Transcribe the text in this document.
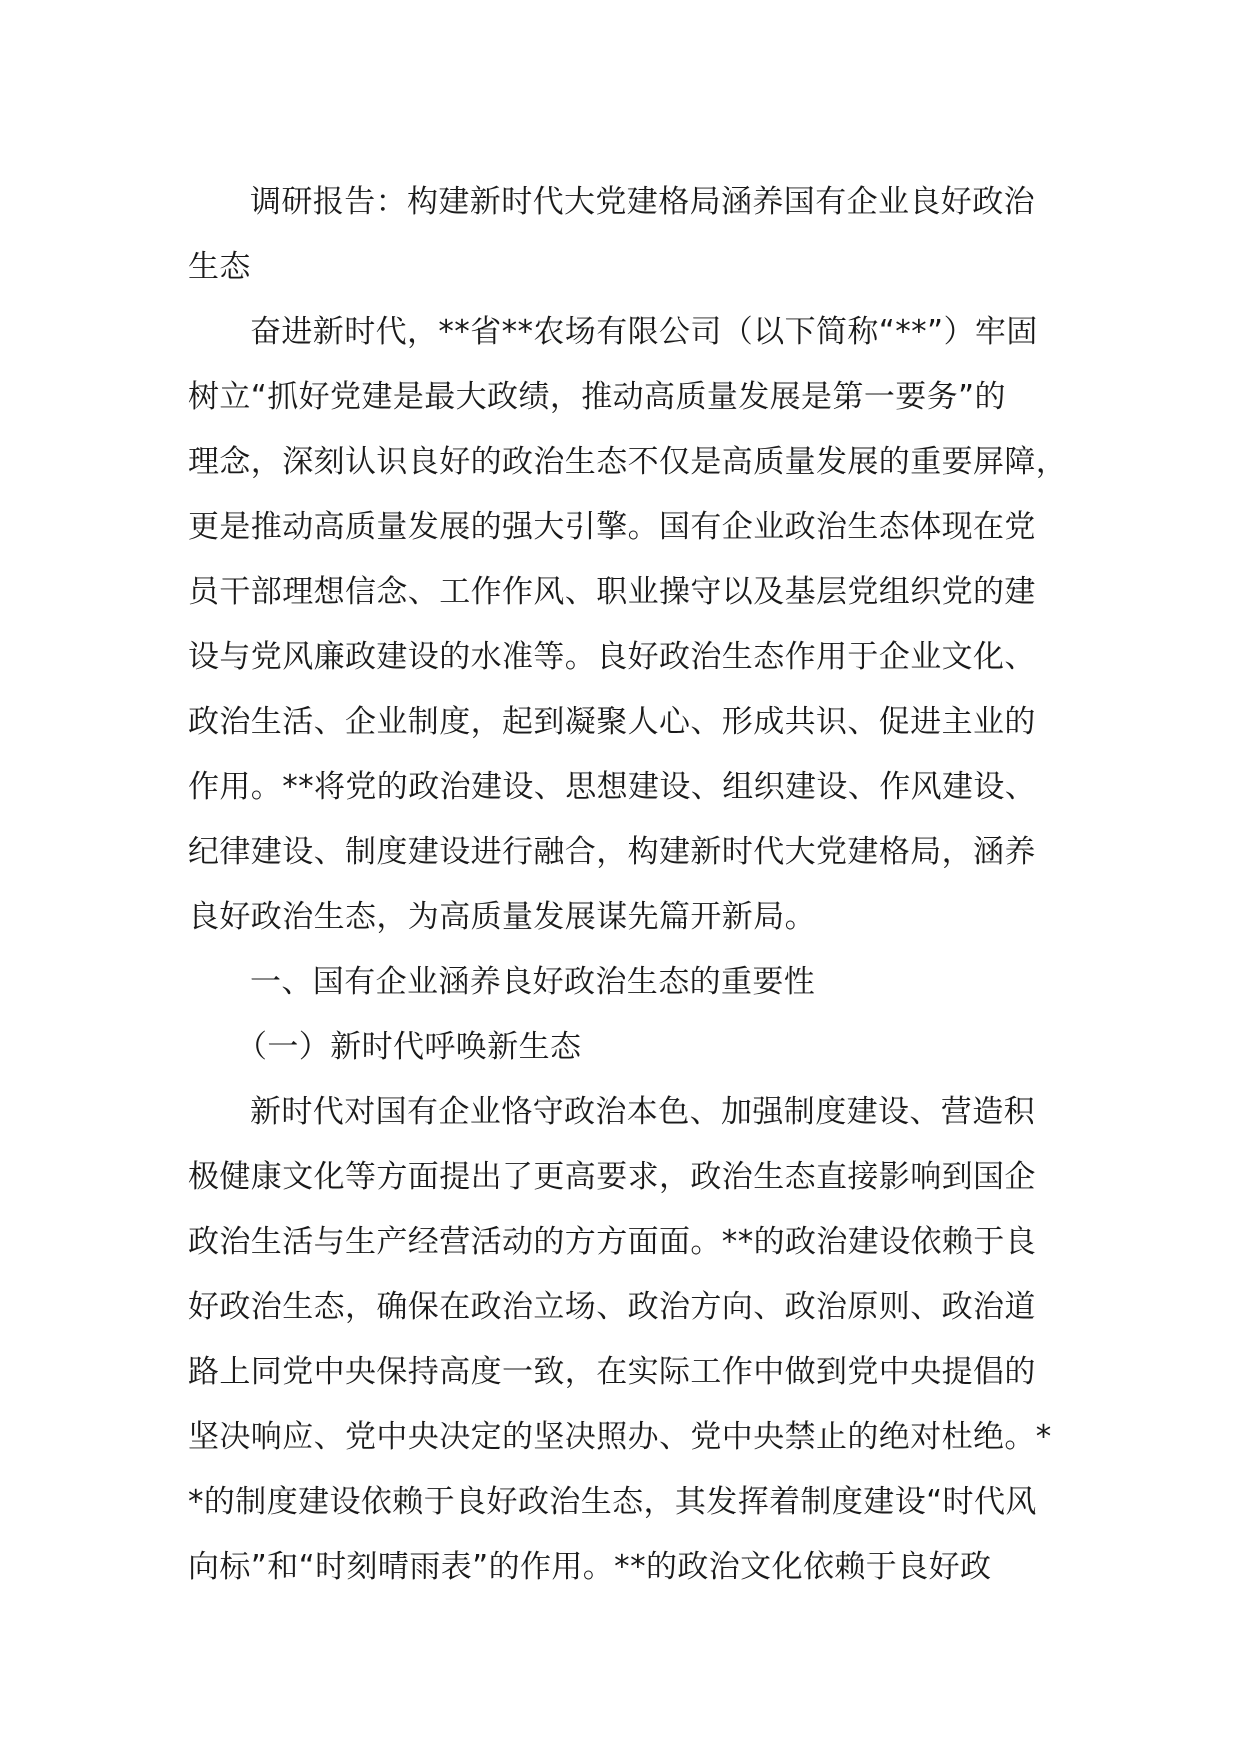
调研报告：构建新时代大党建格局涵养国有企业良好政治
生态
奋进新时代，**省**农场有限公司（以下简称“**”）牢固
树立“抓好党建是最大政绩，推动高质量发展是第一要务”的
理念，深刻认识良好的政治生态不仅是高质量发展的重要屏障，
更是推动高质量发展的强大引擎。国有企业政治生态体现在党
员干部理想信念、工作作风、职业操守以及基层党组织党的建
设与党风廉政建设的水准等。良好政治生态作用于企业文化、
政治生活、企业制度，起到凝聚人心、形成共识、促进主业的
作用。**将党的政治建设、思想建设、组织建设、作风建设、
纪律建设、制度建设进行融合，构建新时代大党建格局，涵养
良好政治生态，为高质量发展谋先篇开新局。
一、国有企业涵养良好政治生态的重要性
（一）新时代呼唤新生态
新时代对国有企业恪守政治本色、加强制度建设、营造积
极健康文化等方面提出了更高要求，政治生态直接影响到国企
政治生活与生产经营活动的方方面面。**的政治建设依赖于良
好政治生态，确保在政治立场、政治方向、政治原则、政治道
路上同党中央保持高度一致，在实际工作中做到党中央提倡的
坚决响应、党中央决定的坚决照办、党中央禁止的绝对杜绝。*
*的制度建设依赖于良好政治生态，其发挥着制度建设“时代风
向标”和“时刻晴雨表”的作用。**的政治文化依赖于良好政
